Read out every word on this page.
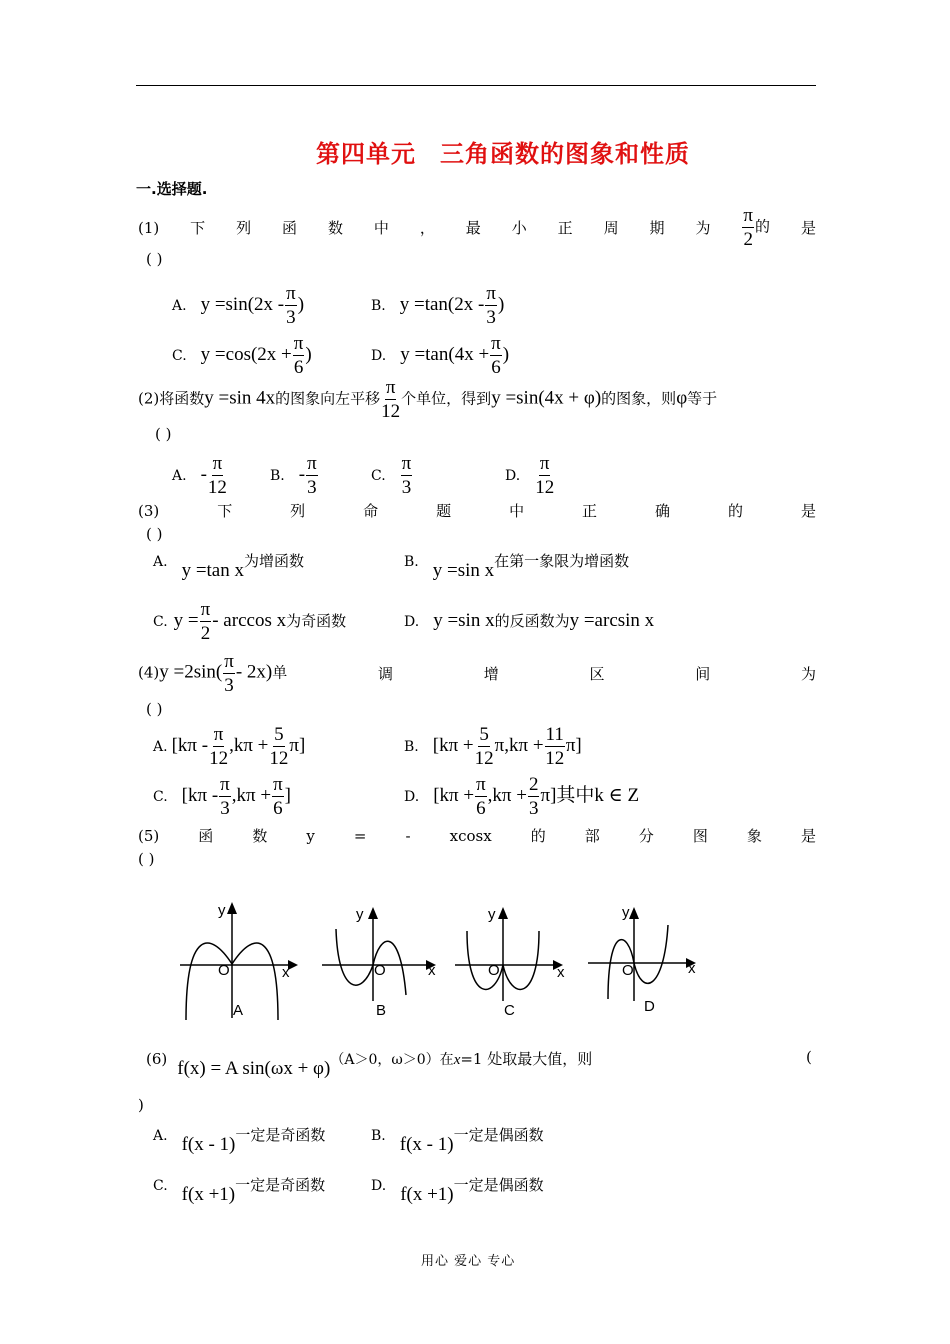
第四单元 三角函数的图象和性质
一.选择题.
(1) 下 列 函 数 中 ， 最 小 正 周 期 为 $\frac{\pi}{2}$ 的 是
( )
A. $y =\sin(2x - \frac{\pi}{3}$ )	B. $y =\tan(2x - \frac{\pi}{3}$ )
C. $y =\cos(2x + \frac{\pi}{6}$ )	D. $y =\tan(4x + \frac{\pi}{6}$ )
(2)将函数y =sin 4x的图象向左平移 $\frac{\pi}{12}$ 个单位，得到y =sin(4x + φ)的图象，则φ等于
( )
A. - $\frac{\pi}{12}$	B. - $\frac{\pi}{3}$	C. $\frac{\pi}{3}$	D. $\frac{\pi}{12}$
(3)	下	列	命	题	中	正	确	的	是
( )
A. y =tan x为增函数	B. y =sin x在第一象限为增函数
C. $y = \frac{\pi}{2} - \arccos x$为奇函数	D. y =sin x的反函数为y =arcsin x
$(4)y =2\sin( \frac{\pi}{3} - 2x)$单	调	增	区	间	为
( )
A. $[k\pi - \frac{\pi}{12} ,k\pi + \frac{5}{12} \pi]$	B. $[k\pi + \frac{5}{12} \pi,k\pi + \frac{11}{12} \pi]$
C. [$k\pi - \frac{\pi}{3} ,k\pi + \frac{\pi}{6}$ ]	D. $[k\pi + \frac{\pi}{6} ,k\pi + \frac{2}{3} \pi]$其中k ∈ Z
(5)	函	数	y	=	-	xcosx	的	部	分	图	象	是
( )
y
O	x
A
y
O	x
B
y
O	x
C
y
O	x
D
(6) f(x) = A sin(ωx + φ)（A＞0，ω＞0）在x=1 处取最大值，则	(
)
A. f(x - 1)一定是奇函数	B. f(x - 1)一定是偶函数
C. f(x +1)一定是奇函数	D. f(x +1)一定是偶函数
用心 爱心 专心
